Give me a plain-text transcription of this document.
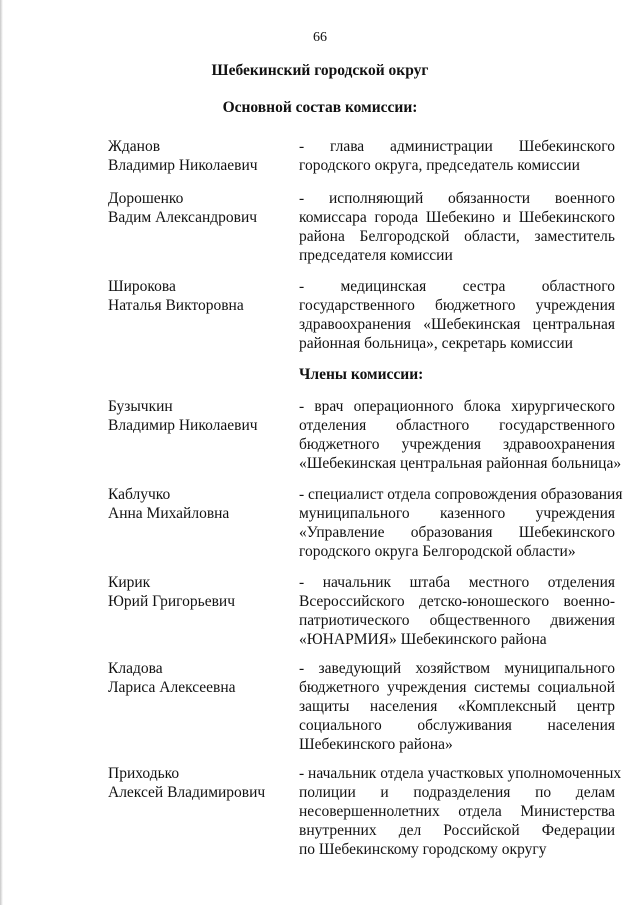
66
Шебекинский городской округ
Основной состав комиссии:
Члены комиссии:
Жданов
Владимир Николаевич
- глава администрации Шебекинского
городского округа, председатель комиссии
Дорошенко
Вадим Александрович
- исполняющий обязанности военного
комиссара города Шебекино и Шебекинского
района Белгородской области, заместитель
председателя комиссии
Широкова
Наталья Викторовна
- медицинская сестра областного
государственного бюджетного учреждения
здравоохранения «Шебекинская центральная
районная больница», секретарь комиссии
Бузычкин
Владимир Николаевич
- врач операционного блока хирургического
отделения областного государственного
бюджетного учреждения здравоохранения
«Шебекинская центральная районная больница»
Каблучко
Анна Михайловна
- специалист отдела сопровождения образования
муниципального казенного учреждения
«Управление образования Шебекинского
городского округа Белгородской области»
Кирик
Юрий Григорьевич
- начальник штаба местного отделения
Всероссийского детско-юношеского военно-
патриотического общественного движения
«ЮНАРМИЯ» Шебекинского района
Кладова
Лариса Алексеевна
- заведующий хозяйством муниципального
бюджетного учреждения системы социальной
защиты населения «Комплексный центр
социального обслуживания населения
Шебекинского района»
Приходько
Алексей Владимирович
- начальник отдела участковых уполномоченных
полиции и подразделения по делам
несовершеннолетних отдела Министерства
внутренних дел Российской Федерации
по Шебекинскому городскому округу
